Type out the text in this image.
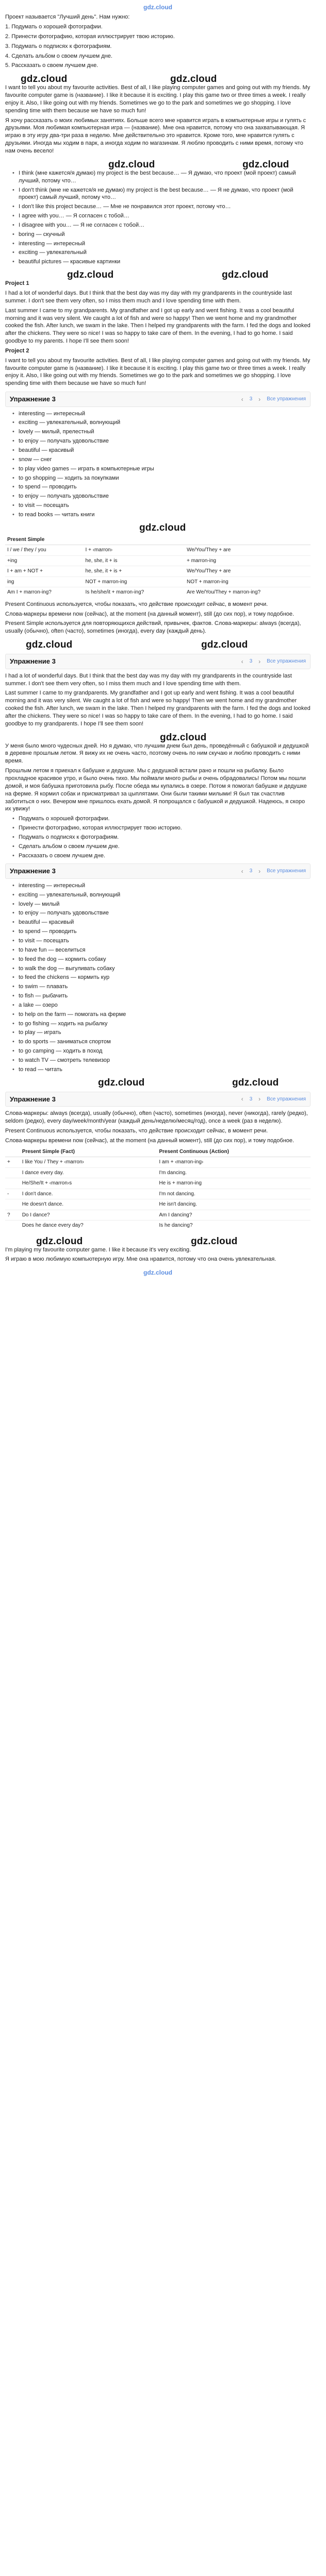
gdz.cloud

Проект называется "Лучший день". Нам нужно:

1. Подумать о хорошей фотографии.

2. Принести фотографию, которая иллюстрирует твою историю.

3. Подумать о подписях к фотографиям.

4. Сделать альбом о своем лучшем дне.

5. Рассказать о своем лучшем дне.

gdz.cloud	gdz.cloud

I want to tell you about my favourite activities. Best of all, I like playing computer games and going out with my friends. My favourite computer game is (название). I like it because it is exciting. I play this game two or three times a week. I really enjoy it. Also, I like going out with my friends. Sometimes we go to the park and sometimes we go shopping. I love spending time with them because we have so much fun!

Я хочу рассказать о моих любимых занятиях. Больше всего мне нравится играть в компьютерные игры и гулять с друзьями. Моя любимая компьютерная игра — (название). Мне она нравится, потому что она захватывающая. Я играю в эту игру два-три раза в неделю. Мне действительно это нравится. Кроме того, мне нравится гулять с друзьями. Иногда мы ходим в парк, а иногда ходим по магазинам. Я люблю проводить с ними время, потому что нам очень весело!

gdz.cloud	gdz.cloud
• I think (мне кажется/я думаю) my project is the best because… — Я думаю, что проект (мой проект) самый лучший, потому что…
• I don't think (мне не кажется/я не думаю) my project is the best because… — Я не думаю, что проект (мой проект) самый лучший, потому что…
• I don't like this project because… — Мне не понравился этот проект, потому что…
• I agree with you… — Я согласен с тобой…
• I disagree with you… — Я не согласен с тобой…
• boring — скучный
• interesting — интересный
• exciting — увлекательный
• beautiful pictures — красивые картинки
gdz.cloud	gdz.cloud

Project 1

I had a lot of wonderful days. But I think that the best day was my day with my grandparents in the countryside last summer. I don't see them very often, so I miss them much and I love spending time with them.

Last summer I came to my grandparents. My grandfather and I got up early and went fishing. It was a cool beautiful morning and it was very silent. We caught a lot of fish and were so happy! Then we went home and my grandmother cooked the fish. After lunch, we swam in the lake. Then I helped my grandparents with the farm. I fed the dogs and looked after the chickens. They were so nice! I was so happy to take care of them. In the evening, I had to go home. I said goodbye to my parents. I hope I'll see them soon!

Project 2

I want to tell you about my favourite activities. Best of all, I like playing computer games and going out with my friends. My favourite computer game is (название). I like it because it is exciting. I play this game two or three times a week. I really enjoy it. Also, I like going out with my friends. Sometimes we go to the park and sometimes we go shopping. I love spending time with them because we have so much fun!

Упражнение 3	‹ 3 › Все упражнения
• interesting — интересный
• exciting — увлекательный, волнующий
• lovely — милый, прелестный
• to enjoy — получать удовольствие
• beautiful — красивый
• snow — снег
• to play video games — играть в компьютерные игры
• to go shopping — ходить за покупками
• to spend — проводить
• to enjoy — получать удовольствие
• to visit — посещать
• to read books — читать книги
gdz.cloud
Present Simple		
I / we / they / you	I + ‹marron›	We/You/They + are
+ing	he, she, it + is	+ marron-ing
I + am + NOT +	he, she, it + is +	We/You/They + are
ing	NOT + marron-ing	NOT + marron-ing
Am I + marron-ing?	Is he/she/it + marron-ing?	Are We/You/They + marron-ing?

Present Continuous используется, чтобы показать, что действие происходит сейчас, в момент речи.

Слова-маркеры времени now (сейчас), at the moment (на данный момент), still (до сих пор), и тому подобное.

Present Simple используется для повторяющихся действий, привычек, фактов. Слова-маркеры: always (всегда), usually (обычно), often (часто), sometimes (иногда), every day (каждый день).

gdz.cloud	gdz.cloud
Упражнение 3	‹ 3 › Все упражнения

I had a lot of wonderful days. But I think that the best day was my day with my grandparents in the countryside last summer. I don't see them very often, so I miss them much and I love spending time with them.

Last summer I came to my grandparents. My grandfather and I got up early and went fishing. It was a cool beautiful morning and it was very silent. We caught a lot of fish and were so happy! Then we went home and my grandmother cooked the fish. After lunch, we swam in the lake. Then I helped my grandparents with the farm. I fed the dogs and looked after the chickens. They were so nice! I was so happy to take care of them. In the evening, I had to go home. I said goodbye to my grandparents. I hope I'll see them soon!

gdz.cloud

У меня было много чудесных дней. Но я думаю, что лучшим днем был день, проведённый с бабушкой и дедушкой в деревне прошлым летом. Я вижу их не очень часто, поэтому очень по ним скучаю и люблю проводить с ними время.

Прошлым летом я приехал к бабушке и дедушке. Мы с дедушкой встали рано и пошли на рыбалку. Было прохладное красивое утро, и было очень тихо. Мы поймали много рыбы и очень обрадовались! Потом мы пошли домой, и моя бабушка приготовила рыбу. После обеда мы купались в озере. Потом я помогал бабушке и дедушке на ферме. Я кормил собак и присматривал за цыплятами. Они были такими милыми! Я был так счастлив заботиться о них. Вечером мне пришлось ехать домой. Я попрощался с бабушкой и дедушкой. Надеюсь, я скоро их увижу!

• Подумать о хорошей фотографии.
• Принести фотографию, которая иллюстрирует твою историю.
• Подумать о подписях к фотографиям.
• Сделать альбом о своем лучшем дне.
• Рассказать о своем лучшем дне.
Упражнение 3	‹ 3 › Все упражнения
• interesting — интересный
• exciting — увлекательный, волнующий
• lovely — милый
• to enjoy — получать удовольствие
• beautiful — красивый
• to spend — проводить
• to visit — посещать
• to have fun — веселиться
• to feed the dog — кормить собаку
• to walk the dog — выгуливать собаку
• to feed the chickens — кормить кур
• to swim — плавать
• to fish — рыбачить
• a lake — озеро
• to help on the farm — помогать на ферме
• to go fishing — ходить на рыбалку
• to play — играть
• to do sports — заниматься спортом
• to go camping — ходить в поход
• to watch TV — смотреть телевизор
• to read — читать
gdz.cloud	gdz.cloud
Упражнение 3	‹ 3 › Все упражнения

Слова-маркеры: always (всегда), usually (обычно), often (часто), sometimes (иногда), never (никогда), rarely (редко), seldom (редко), every day/week/month/year (каждый день/неделю/месяц/год), once a week (раз в неделю).

Present Continuous используется, чтобы показать, что действие происходит сейчас, в момент речи.

Слова-маркеры времени now (сейчас), at the moment (на данный момент), still (до сих пор), и тому подобное.

	Present Simple (Fact)	Present Continuous (Action)
+	I like You / They + ‹marron›	I am + ‹marron-ing›
	I dance every day.	I'm dancing.
	He/She/It + ‹marron›s	He is + marron-ing
-	I don't dance.	I'm not dancing.
	He doesn't dance.	He isn't dancing.
?	Do I dance?	Am I dancing?
	Does he dance every day?	Is he dancing?
gdz.cloud	gdz.cloud

I'm playing my favourite computer game. I like it because it's very exciting.

Я играю в мою любимую компьютерную игру. Мне она нравится, потому что она очень увлекательная.

gdz.cloud
